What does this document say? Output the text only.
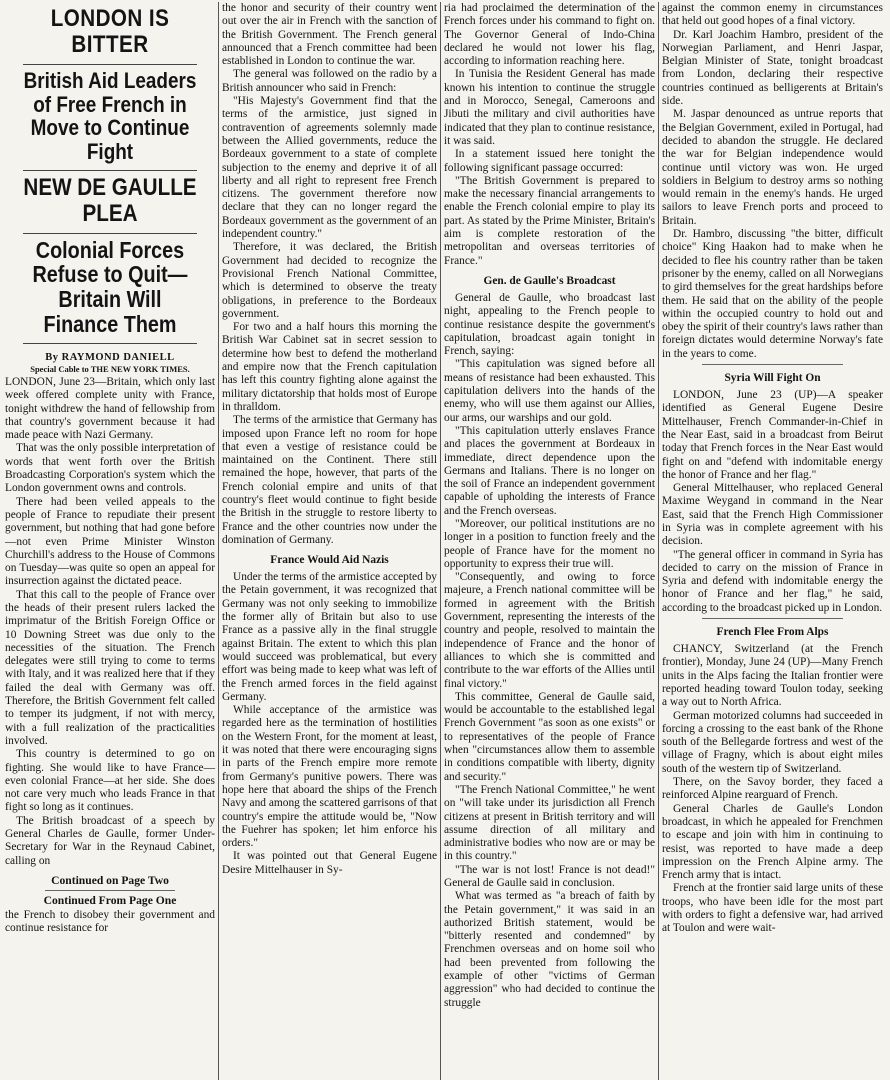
LONDON IS BITTER
British Aid Leaders of Free French in Move to Continue Fight
NEW DE GAULLE PLEA
Colonial Forces Refuse to Quit—Britain Will Finance Them
By RAYMOND DANIELL
Special Cable to THE NEW YORK TIMES.

LONDON, June 23—Britain, which only last week offered complete unity with France, tonight withdrew the hand of fellowship from that country's government because it had made peace with Nazi Germany.

That was the only possible interpretation of words that went forth over the British Broadcasting Corporation's system which the London government owns and controls.

There had been veiled appeals to the people of France to repudiate their present government, but nothing that had gone before—not even Prime Minister Winston Churchill's address to the House of Commons on Tuesday—was quite so open an appeal for insurrection against the dictated peace.

That this call to the people of France over the heads of their present rulers lacked the imprimatur of the British Foreign Office or 10 Downing Street was due only to the necessities of the situation. The French delegates were still trying to come to terms with Italy, and it was realized here that if they failed the deal with Germany was off. Therefore, the British Government felt called to temper its judgment, if not with mercy, with a full realization of the practicalities involved.

This country is determined to go on fighting. She would like to have France—even colonial France—at her side. She does not care very much who leads France in that fight so long as it continues.

The British broadcast of a speech by General Charles de Gaulle, former Under-Secretary for War in the Reynaud Cabinet, calling on

Continued on Page Two
Continued From Page One

the French to disobey their government and continue resistance for

the honor and security of their country went out over the air in French with the sanction of the British Government. The French general announced that a French committee had been established in London to continue the war.

The general was followed on the radio by a British announcer who said in French:

"His Majesty's Government find that the terms of the armistice, just signed in contravention of agreements solemnly made between the Allied governments, reduce the Bordeaux government to a state of complete subjection to the enemy and deprive it of all liberty and all right to represent free French citizens. The government therefore now declare that they can no longer regard the Bordeaux government as the government of an independent country."

Therefore, it was declared, the British Government had decided to recognize the Provisional French National Committee, which is determined to observe the treaty obligations, in preference to the Bordeaux government.

For two and a half hours this morning the British War Cabinet sat in secret session to determine how best to defend the motherland and empire now that the French capitulation has left this country fighting alone against the military dictatorship that holds most of Europe in thralldom.

The terms of the armistice that Germany has imposed upon France left no room for hope that even a vestige of resistance could be maintained on the Continent. There still remained the hope, however, that parts of the French colonial empire and units of that country's fleet would continue to fight beside the British in the struggle to restore liberty to France and the other countries now under the domination of Germany.

France Would Aid Nazis

Under the terms of the armistice accepted by the Petain government, it was recognized that Germany was not only seeking to immobilize the former ally of Britain but also to use France as a passive ally in the final struggle against Britain. The extent to which this plan would succeed was problematical, but every effort was being made to keep what was left of the French armed forces in the field against Germany.

While acceptance of the armistice was regarded here as the termination of hostilities on the Western Front, for the moment at least, it was noted that there were encouraging signs in parts of the French empire more remote from Germany's punitive powers. There was hope here that aboard the ships of the French Navy and among the scattered garrisons of that country's empire the attitude would be, "Now the Fuehrer has spoken; let him enforce his orders."

It was pointed out that General Eugene Desire Mittelhauser in Sy-

ria had proclaimed the determination of the French forces under his command to fight on. The Governor General of Indo-China declared he would not lower his flag, according to information reaching here.

In Tunisia the Resident General has made known his intention to continue the struggle and in Morocco, Senegal, Cameroons and Jibuti the military and civil authorities have indicated that they plan to continue resistance, it was said.

In a statement issued here tonight the following significant passage occurred:

"The British Government is prepared to make the necessary financial arrangements to enable the French colonial empire to play its part. As stated by the Prime Minister, Britain's aim is complete restoration of the metropolitan and overseas territories of France."

Gen. de Gaulle's Broadcast

General de Gaulle, who broadcast last night, appealing to the French people to continue resistance despite the government's capitulation, broadcast again tonight in French, saying:

"This capitulation was signed before all means of resistance had been exhausted. This capitulation delivers into the hands of the enemy, who will use them against our Allies, our arms, our warships and our gold.

"This capitulation utterly enslaves France and places the government at Bordeaux in immediate, direct dependence upon the Germans and Italians. There is no longer on the soil of France an independent government capable of upholding the interests of France and the French overseas.

"Moreover, our political institutions are no longer in a position to function freely and the people of France have for the moment no opportunity to express their true will.

"Consequently, and owing to force majeure, a French national committee will be formed in agreement with the British Government, representing the interests of the country and people, resolved to maintain the independence of France and the honor of alliances to which she is committed and contribute to the war efforts of the Allies until final victory."

This committee, General de Gaulle said, would be accountable to the established legal French Government "as soon as one exists" or to representatives of the people of France when "circumstances allow them to assemble in conditions compatible with liberty, dignity and security."

"The French National Committee," he went on "will take under its jurisdiction all French citizens at present in British territory and will assume direction of all military and administrative bodies who now are or may be in this country."

"The war is not lost! France is not dead!" General de Gaulle said in conclusion.

What was termed as "a breach of faith by the Petain government," it was said in an authorized British statement, would be "bitterly resented and condemned" by Frenchmen overseas and on home soil who had been prevented from following the example of other "victims of German aggression" who had decided to continue the struggle

against the common enemy in circumstances that held out good hopes of a final victory.

Dr. Karl Joachim Hambro, president of the Norwegian Parliament, and Henri Jaspar, Belgian Minister of State, tonight broadcast from London, declaring their respective countries continued as belligerents at Britain's side.

M. Jaspar denounced as untrue reports that the Belgian Government, exiled in Portugal, had decided to abandon the struggle. He declared the war for Belgian independence would continue until victory was won. He urged soldiers in Belgium to destroy arms so nothing would remain in the enemy's hands. He urged sailors to leave French ports and proceed to Britain.

Dr. Hambro, discussing "the bitter, difficult choice" King Haakon had to make when he decided to flee his country rather than be taken prisoner by the enemy, called on all Norwegians to gird themselves for the great hardships before them. He said that on the ability of the people within the occupied country to hold out and obey the spirit of their country's laws rather than foreign dictates would determine Norway's fate in the years to come.

Syria Will Fight On

LONDON, June 23 (UP)—A speaker identified as General Eugene Desire Mittelhauser, French Commander-in-Chief in the Near East, said in a broadcast from Beirut today that French forces in the Near East would fight on and "defend with indomitable energy the honor of France and her flag."

General Mittelhauser, who replaced General Maxime Weygand in command in the Near East, said that the French High Commissioner in Syria was in complete agreement with his decision.

"The general officer in command in Syria has decided to carry on the mission of France in Syria and defend with indomitable energy the honor of France and her flag," he said, according to the broadcast picked up in London.

French Flee From Alps

CHANCY, Switzerland (at the French frontier), Monday, June 24 (UP)—Many French units in the Alps facing the Italian frontier were reported heading toward Toulon today, seeking a way out to North Africa.

German motorized columns had succeeded in forcing a crossing to the east bank of the Rhone south of the Bellegarde fortress and west of the village of Fragny, which is about eight miles south of the western tip of Switzerland.

There, on the Savoy border, they faced a reinforced Alpine rearguard of French.

General Charles de Gaulle's London broadcast, in which he appealed for Frenchmen to escape and join with him in continuing to resist, was reported to have made a deep impression on the French Alpine army. The French army that is intact.

French at the frontier said large units of these troops, who have been idle for the most part with orders to fight a defensive war, had arrived at Toulon and were wait-
